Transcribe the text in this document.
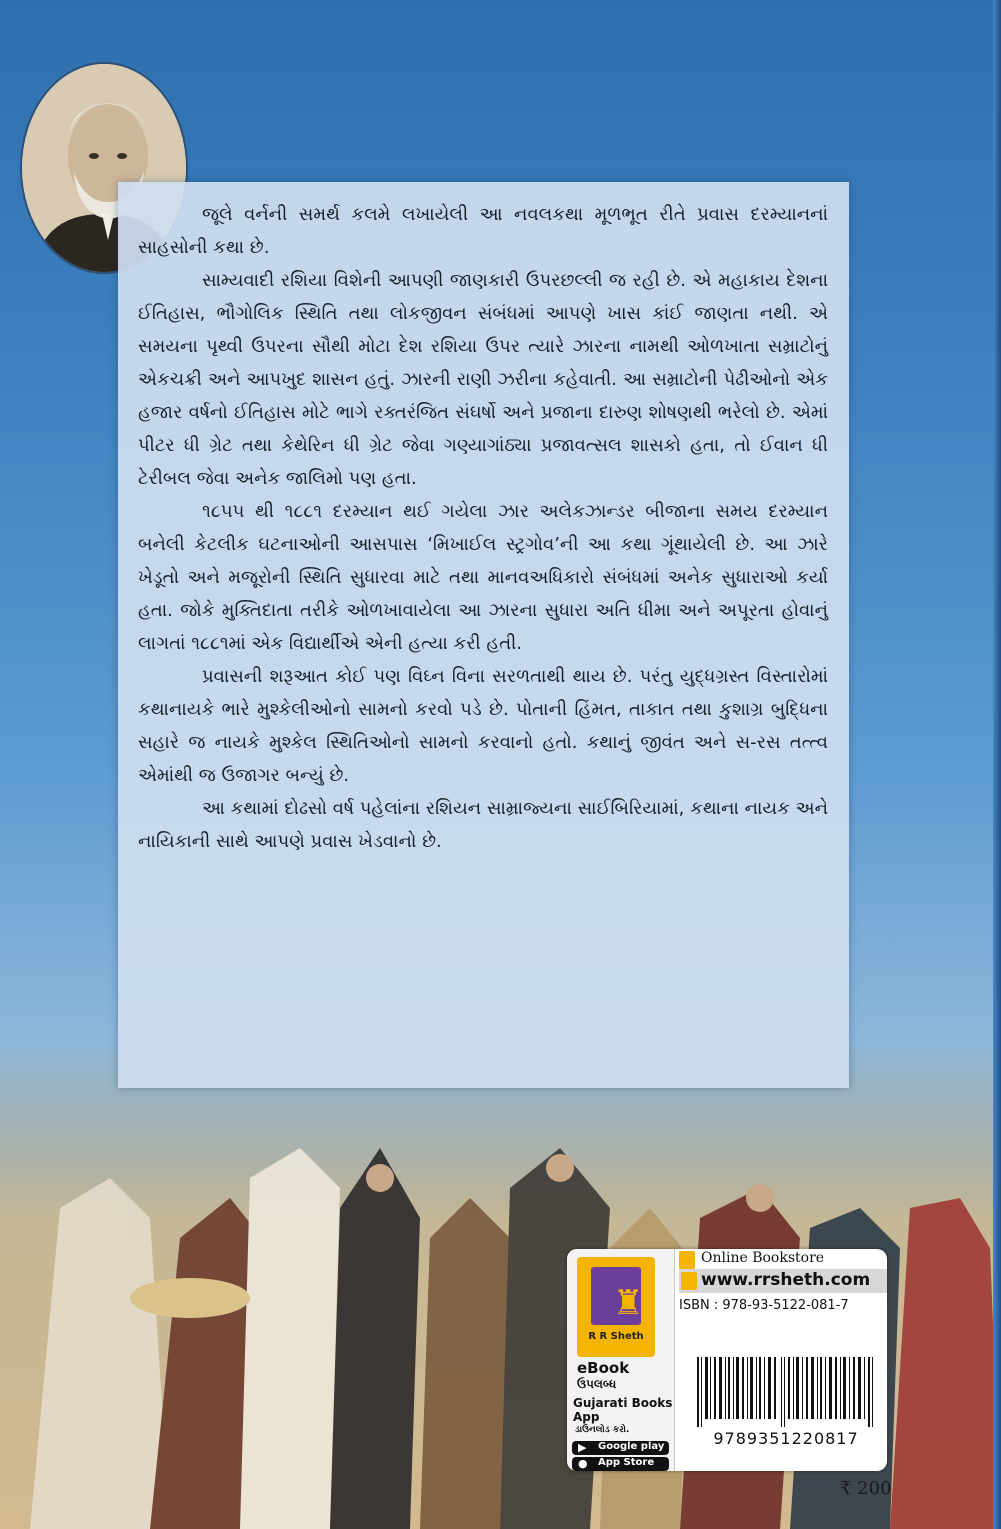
જૂલે વર્નની સમર્થ કલમે લખાયેલી આ નવલકથા મૂળભૂત રીતે પ્રવાસ દરમ્યાનનાં સાહસોની કથા છે.

સામ્યવાદી રશિયા વિશેની આપણી જાણકારી ઉપરછલ્લી જ રહી છે. એ મહાકાય દેશના ઈતિહાસ, ભૌગોલિક સ્થિતિ તથા લોકજીવન સંબંધમાં આપણે ખાસ કાંઈ જાણતા નથી. એ સમયના પૃથ્વી ઉપરના સૌથી મોટા દેશ રશિયા ઉપર ત્યારે ઝારના નામથી ઓળખાતા સમ્રાટોનું એકચક્રી અને આપખુદ શાસન હતું. ઝારની રાણી ઝરીના કહેવાતી. આ સમ્રાટોની પેઢીઓનો એક હજાર વર્ષનો ઈતિહાસ મોટે ભાગે રક્તરંજિત સંઘર્ષો અને પ્રજાના દારુણ શોષણથી ભરેલો છે. એમાં પીટર ધી ગ્રેટ તથા કેથેરિન ધી ગ્રેટ જેવા ગણ્યાગાંઠ્યા પ્રજાવત્સલ શાસકો હતા, તો ઈવાન ધી ટેરીબલ જેવા અનેક જાલિમો પણ હતા.

૧૮૫૫ થી ૧૮૮૧ દરમ્યાન થઈ ગયેલા ઝાર અલેકઝાન્ડર બીજાના સમય દરમ્યાન બનેલી કેટલીક ઘટનાઓની આસપાસ ‘મિખાઈલ સ્ટ્રગોવ’ની આ કથા ગૂંથાયેલી છે. આ ઝારે ખેડૂતો અને મજૂરોની સ્થિતિ સુધારવા માટે તથા માનવઅધિકારો સંબંધમાં અનેક સુધારાઓ કર્યા હતા. જોકે મુક્તિદાતા તરીકે ઓળખાવાયેલા આ ઝારના સુધારા અતિ ધીમા અને અપૂરતા હોવાનું લાગતાં ૧૮૮૧માં એક વિદ્યાર્થીએ એની હત્યા કરી હતી.

પ્રવાસની શરૂઆત કોઈ પણ વિઘ્ન વિના સરળતાથી થાય છે. પરંતુ યુદ્ધગ્રસ્ત વિસ્તારોમાં કથાનાયકે ભારે મુશ્કેલીઓનો સામનો કરવો પડે છે. પોતાની હિંમત, તાકાત તથા કુશાગ્ર બુદ્ધિના સહારે જ નાયકે મુશ્કેલ સ્થિતિઓનો સામનો કરવાનો હતો. કથાનું જીવંત અને સ-રસ તત્ત્વ એમાંથી જ ઉજાગર બન્યું છે.

આ કથામાં દોઢસો વર્ષ પહેલાંના રશિયન સામ્રાજ્યના સાઈબિરિયામાં, કથાના નાયક અને નાયિકાની સાથે આપણે પ્રવાસ ખેડવાનો છે.

♜
R R Sheth
eBook
ઉપલબ્ધ
Gujarati Books
App
ડાઉનલોડ કરો.
▶ Google play
● App Store
Online Bookstore
www.rrsheth.com
ISBN : 978-93-5122-081-7
9789351220817
₹ 200
